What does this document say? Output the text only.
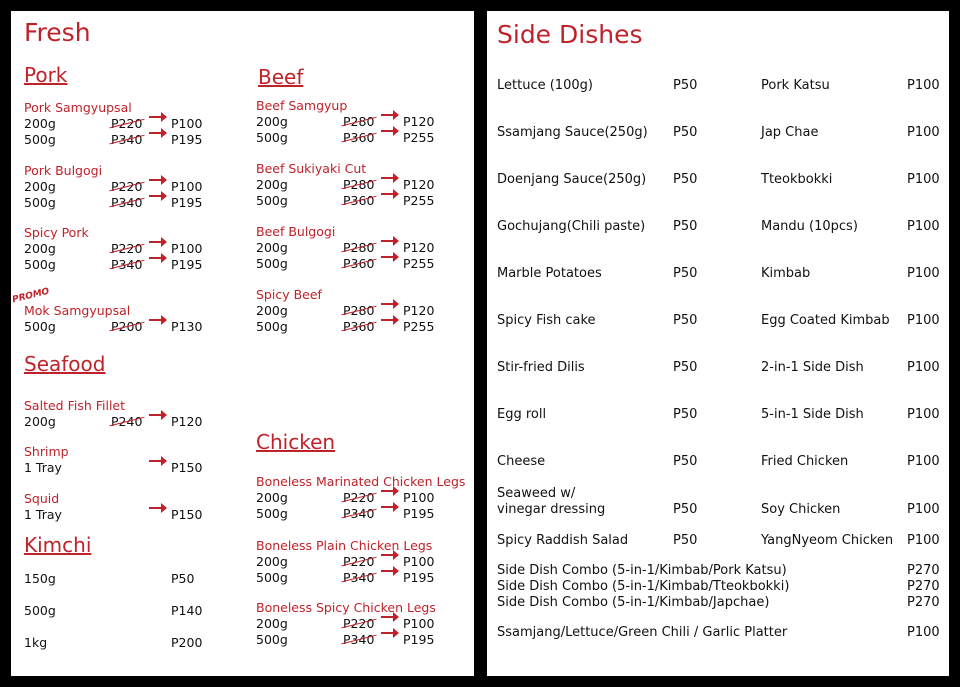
Fresh
Pork	Beef
Seafood
Chicken
Kimchi
Pork Samgyupsal
200g	P220 P100
500g	P340 P195
Pork Bulgogi
200g	P220 P100
500g	P340 P195
Spicy Pork
200g	P220 P100
500g	P340 P195
Mok Samgyupsal
PROMO
500g	P200 P130
Beef Samgyup
200g	P280 P120
500g	P360 P255
Beef Sukiyaki Cut
200g	P280 P120
500g	P360 P255
Beef Bulgogi
200g	P280 P120
500g	P360 P255
Spicy Beef
200g	P280 P120
500g	P360 P255
Salted Fish Fillet
200g	P240 P120
Shrimp
1 Tray	P150
Squid
1 Tray	P150
Boneless Marinated Chicken Legs
200g	P220 P100
500g	P340 P195
Boneless Plain Chicken Legs
200g	P220 P100
500g	P340 P195
Boneless Spicy Chicken Legs
200g	P220 P100
500g	P340 P195
150g	P50
500g	P140
1kg	P200
Side Dishes
Lettuce (100g)	P50	Pork Katsu	P100
Ssamjang Sauce(250g) P50	Jap Chae	P100
Doenjang Sauce(250g) P50	Tteokbokki	P100
Gochujang(Chili paste) P50	Mandu (10pcs)	P100
Marble Potatoes	P50	Kimbab	P100
Spicy Fish cake	P50	Egg Coated Kimbab P100
Stir-fried Dilis	P50	2-in-1 Side Dish	P100
Egg roll	P50	5-in-1 Side Dish	P100
Cheese	P50	Fried Chicken	P100
Seaweed w/
vinegar dressing	P50	Soy Chicken	P100
Spicy Raddish Salad	P50	YangNyeom Chicken P100
Side Dish Combo (5-in-1/Kimbab/Pork Katsu)	P270
Side Dish Combo (5-in-1/Kimbab/Tteokbokki)	P270
Side Dish Combo (5-in-1/Kimbab/Japchae)	P270
Ssamjang/Lettuce/Green Chili / Garlic Platter	P100
